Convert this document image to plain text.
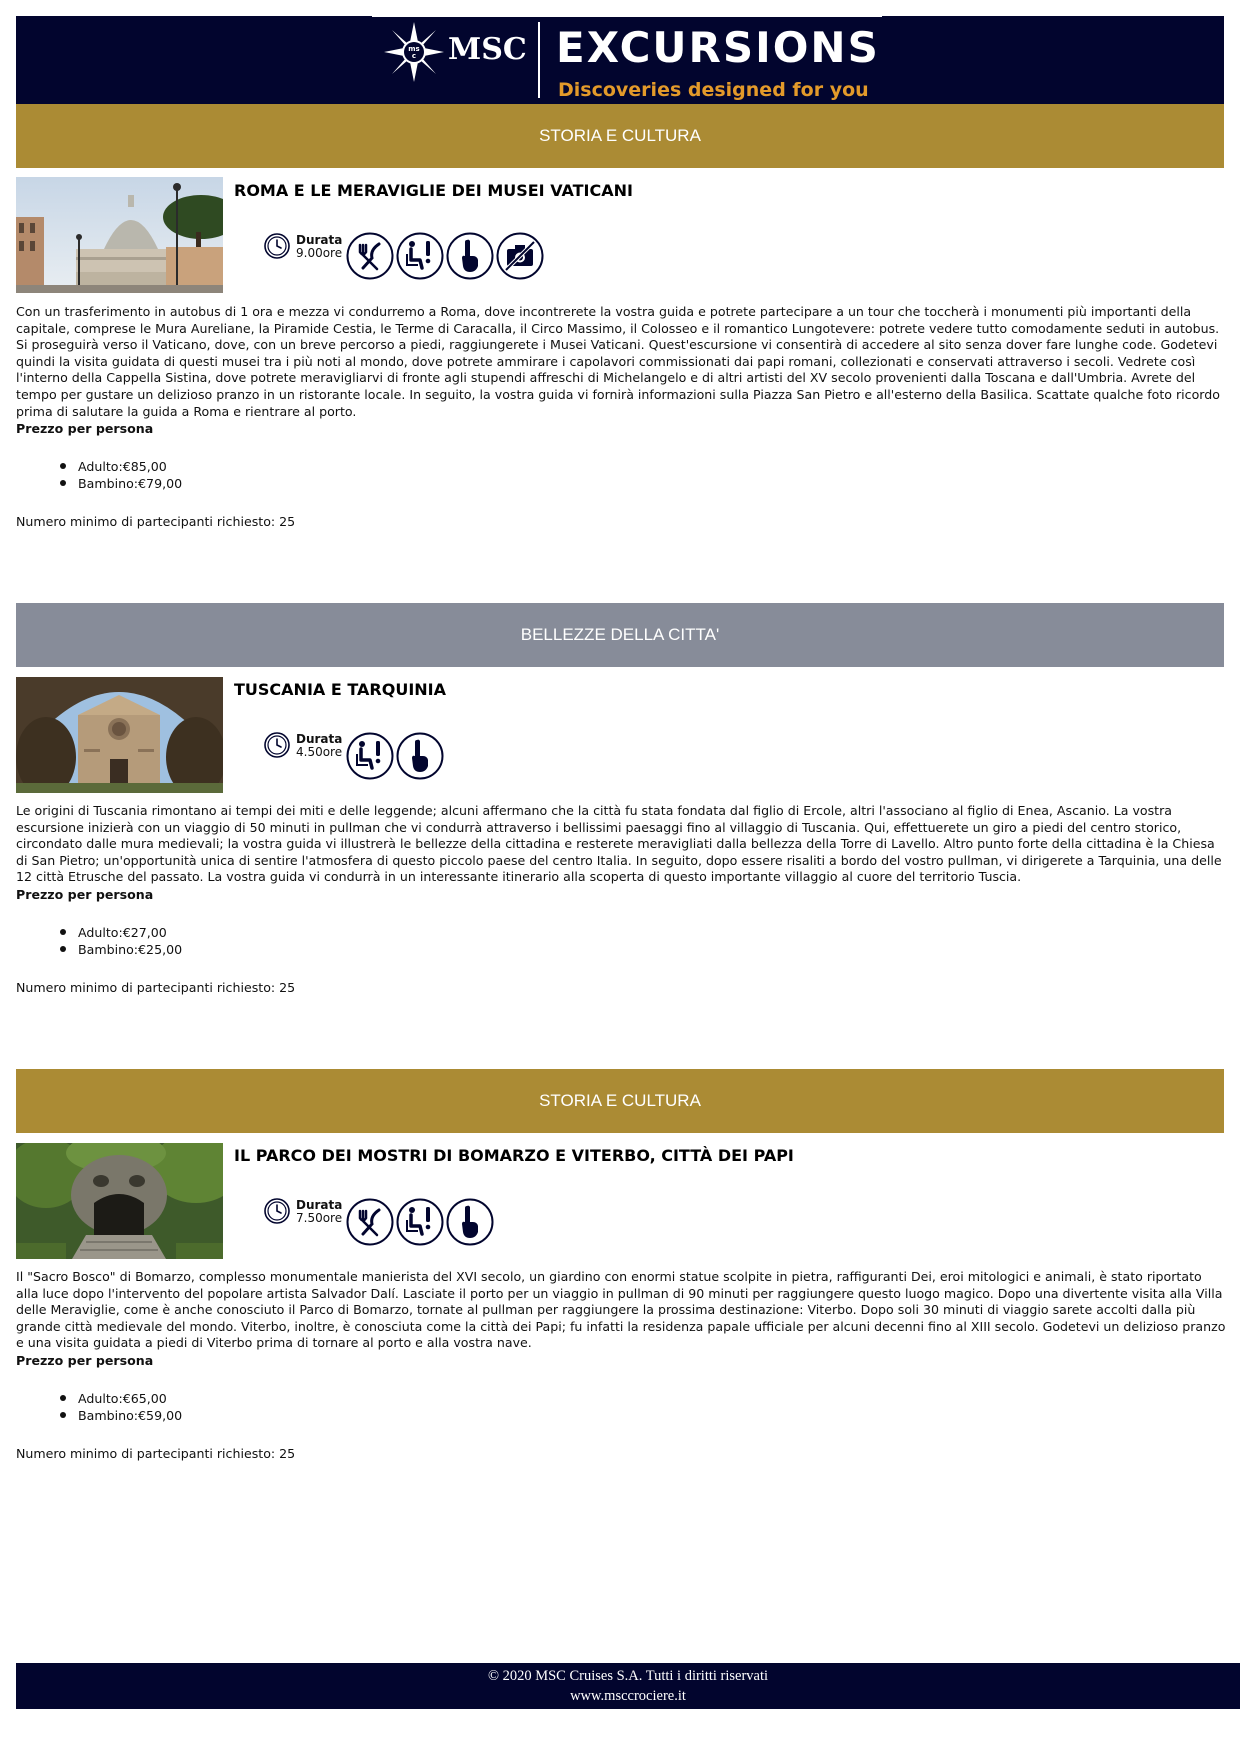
ms
c MSC EXCURSIONS
Discoveries designed for you
STORIA E CULTURA
ROMA E LE MERAVIGLIE DEI MUSEI VATICANI
Durata
9.00ore
Con un trasferimento in autobus di 1 ora e mezza vi condurremo a Roma, dove incontrerete la vostra guida e potrete partecipare a un tour che toccherà i monumenti più importanti della capitale, comprese le Mura Aureliane, la Piramide Cestia, le Terme di Caracalla, il Circo Massimo, il Colosseo e il romantico Lungotevere: potrete vedere tutto comodamente seduti in autobus. Si proseguirà verso il Vaticano, dove, con un breve percorso a piedi, raggiungerete i Musei Vaticani. Quest'escursione vi consentirà di accedere al sito senza dover fare lunghe code. Godetevi quindi la visita guidata di questi musei tra i più noti al mondo, dove potrete ammirare i capolavori commissionati dai papi romani, collezionati e conservati attraverso i secoli. Vedrete così l'interno della Cappella Sistina, dove potrete meravigliarvi di fronte agli stupendi affreschi di Michelangelo e di altri artisti del XV secolo provenienti dalla Toscana e dall'Umbria. Avrete del tempo per gustare un delizioso pranzo in un ristorante locale. In seguito, la vostra guida vi fornirà informazioni sulla Piazza San Pietro e all'esterno della Basilica. Scattate qualche foto ricordo prima di salutare la guida a Roma e rientrare al porto.
Prezzo per persona
Adulto:€85,00
Bambino:€79,00
Numero minimo di partecipanti richiesto: 25
BELLEZZE DELLA CITTA'
TUSCANIA E TARQUINIA
Durata
4.50ore
Le origini di Tuscania rimontano ai tempi dei miti e delle leggende; alcuni affermano che la città fu stata fondata dal figlio di Ercole, altri l'associano al figlio di Enea, Ascanio. La vostra escursione inizierà con un viaggio di 50 minuti in pullman che vi condurrà attraverso i bellissimi paesaggi fino al villaggio di Tuscania. Qui, effettuerete un giro a piedi del centro storico, circondato dalle mura medievali; la vostra guida vi illustrerà le bellezze della cittadina e resterete meravigliati dalla bellezza della Torre di Lavello. Altro punto forte della cittadina è la Chiesa di San Pietro; un'opportunità unica di sentire l'atmosfera di questo piccolo paese del centro Italia. In seguito, dopo essere risaliti a bordo del vostro pullman, vi dirigerete a Tarquinia, una delle 12 città Etrusche del passato. La vostra guida vi condurrà in un interessante itinerario alla scoperta di questo importante villaggio al cuore del territorio Tuscia.
Prezzo per persona
Adulto:€27,00
Bambino:€25,00
Numero minimo di partecipanti richiesto: 25
STORIA E CULTURA
IL PARCO DEI MOSTRI DI BOMARZO E VITERBO, CITTÀ DEI PAPI
Durata
7.50ore
Il "Sacro Bosco" di Bomarzo, complesso monumentale manierista del XVI secolo, un giardino con enormi statue scolpite in pietra, raffiguranti Dei, eroi mitologici e animali, è stato riportato alla luce dopo l'intervento del popolare artista Salvador Dalí. Lasciate il porto per un viaggio in pullman di 90 minuti per raggiungere questo luogo magico. Dopo una divertente visita alla Villa delle Meraviglie, come è anche conosciuto il Parco di Bomarzo, tornate al pullman per raggiungere la prossima destinazione: Viterbo. Dopo soli 30 minuti di viaggio sarete accolti dalla più grande città medievale del mondo. Viterbo, inoltre, è conosciuta come la città dei Papi; fu infatti la residenza papale ufficiale per alcuni decenni fino al XIII secolo. Godetevi un delizioso pranzo e una visita guidata a piedi di Viterbo prima di tornare al porto e alla vostra nave.
Prezzo per persona
Adulto:€65,00
Bambino:€59,00
Numero minimo di partecipanti richiesto: 25
© 2020 MSC Cruises S.A. Tutti i diritti riservati
www.msccrociere.it
